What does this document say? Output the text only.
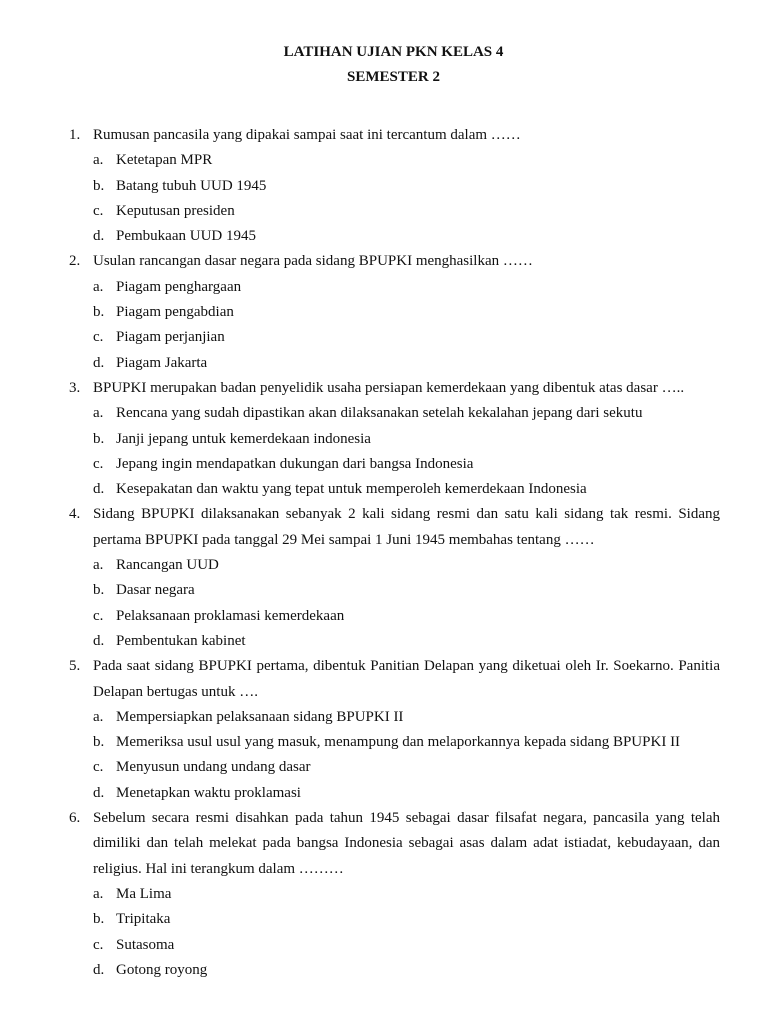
LATIHAN UJIAN PKN KELAS 4

SEMESTER 2

1. Rumusan pancasila yang dipakai sampai saat ini tercantum dalam ……
a. Ketetapan MPR
b. Batang tubuh UUD 1945
c. Keputusan presiden
d. Pembukaan UUD 1945
2. Usulan rancangan dasar negara pada sidang BPUPKI menghasilkan ……
a. Piagam penghargaan
b. Piagam pengabdian
c. Piagam perjanjian
d. Piagam Jakarta
3. BPUPKI merupakan badan penyelidik usaha persiapan kemerdekaan yang dibentuk atas dasar …..
a. Rencana yang sudah dipastikan akan dilaksanakan setelah kekalahan jepang dari sekutu
b. Janji jepang untuk kemerdekaan indonesia
c. Jepang ingin mendapatkan dukungan dari bangsa Indonesia
d. Kesepakatan dan waktu yang tepat untuk memperoleh kemerdekaan Indonesia
4. Sidang BPUPKI dilaksanakan sebanyak 2 kali sidang resmi dan satu kali sidang tak resmi. Sidang pertama BPUPKI pada tanggal 29 Mei sampai 1 Juni 1945 membahas tentang ……
a. Rancangan UUD
b. Dasar negara
c. Pelaksanaan proklamasi kemerdekaan
d. Pembentukan kabinet
5. Pada saat sidang BPUPKI pertama, dibentuk Panitian Delapan yang diketuai oleh Ir. Soekarno. Panitia Delapan bertugas untuk ….
a. Mempersiapkan pelaksanaan sidang BPUPKI II
b. Memeriksa usul usul yang masuk, menampung dan melaporkannya kepada sidang BPUPKI II
c. Menyusun undang undang dasar
d. Menetapkan waktu proklamasi
6. Sebelum secara resmi disahkan pada tahun 1945 sebagai dasar filsafat negara, pancasila yang telah dimiliki dan telah melekat pada bangsa Indonesia sebagai asas dalam adat istiadat, kebudayaan, dan religius. Hal ini terangkum dalam ………
a. Ma Lima
b. Tripitaka
c. Sutasoma
d. Gotong royong
